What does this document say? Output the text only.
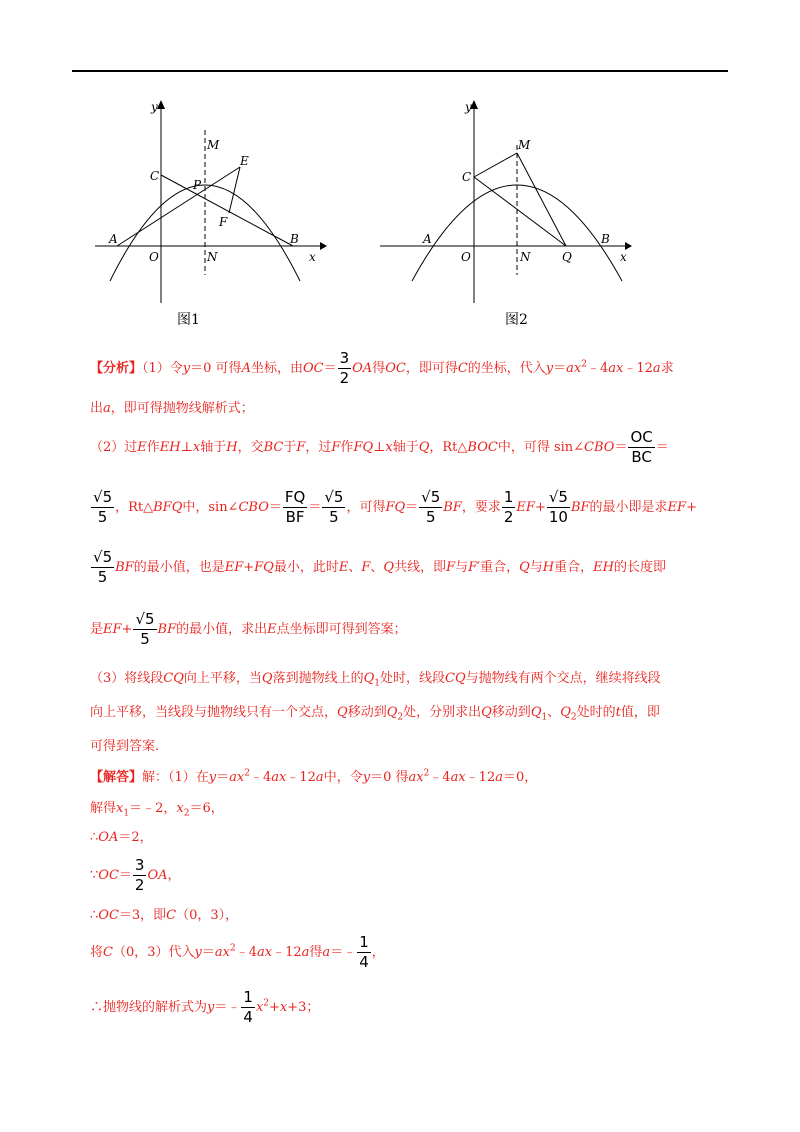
y
x
M
C
E
P
F
A
O	N
B
图1
y
x
M
C
A
O	N	Q
B
图2
【分析】（1）令y＝0 可得A坐标，由$OC= \frac{3}{2}$ OA得OC，即可得C的坐标，代入$y=ax^2﹣4ax﹣12a$求
出a，即可得抛物线解析式；
（2）过E作EH⊥x轴于H，交BC于F，过F作FQ⊥x轴于Q，Rt△BOC中，可得 sin∠CBO＝ $\frac{OC}{BC}$ ＝
$\frac{√5}{5}$ ，Rt△BFQ中，sin∠CBO＝ $\frac{FQ}{BF} = \frac{√5}{5}$ ，可得$FQ= \frac{√5}{5}$ BF，要求 $\frac{1}{2} EF+ \frac{√5}{10}$ BF的最小即是求EF+
$\frac{√5}{5}$ BF的最小值，也是EF+FQ最小，此时E、F、Q共线，即F与F′重合，Q与H重合，EH的长度即
是$EF+ \frac{√5}{5}$ BF的最小值，求出E点坐标即可得到答案；
（3）将线段CQ向上平移，当Q落到抛物线上的$Q_1$处时，线段CQ与抛物线有两个交点，继续将线段
向上平移，当线段与抛物线只有一个交点，Q移动到$Q_2$处，分别求出Q移动到$Q_1$、$Q_2$处时的t值，即
可得到答案.
【解答】解：（1）在$y=ax^2﹣4ax﹣12a$中，令y＝0 得$ax^2﹣4ax﹣12a=0$，
解得$x_1=﹣2$，$x_2=6$，
∴OA＝2，
∵OC＝ $\frac{3}{2}$ OA，
∴OC＝3，即C（0，3），
将C（0，3）代入$y=ax^2﹣4ax﹣12a$得a＝﹣ $\frac{1}{4}$ ，
∴抛物线的解析式为y＝﹣ $\frac{1}{4} x^2+x+3$；
